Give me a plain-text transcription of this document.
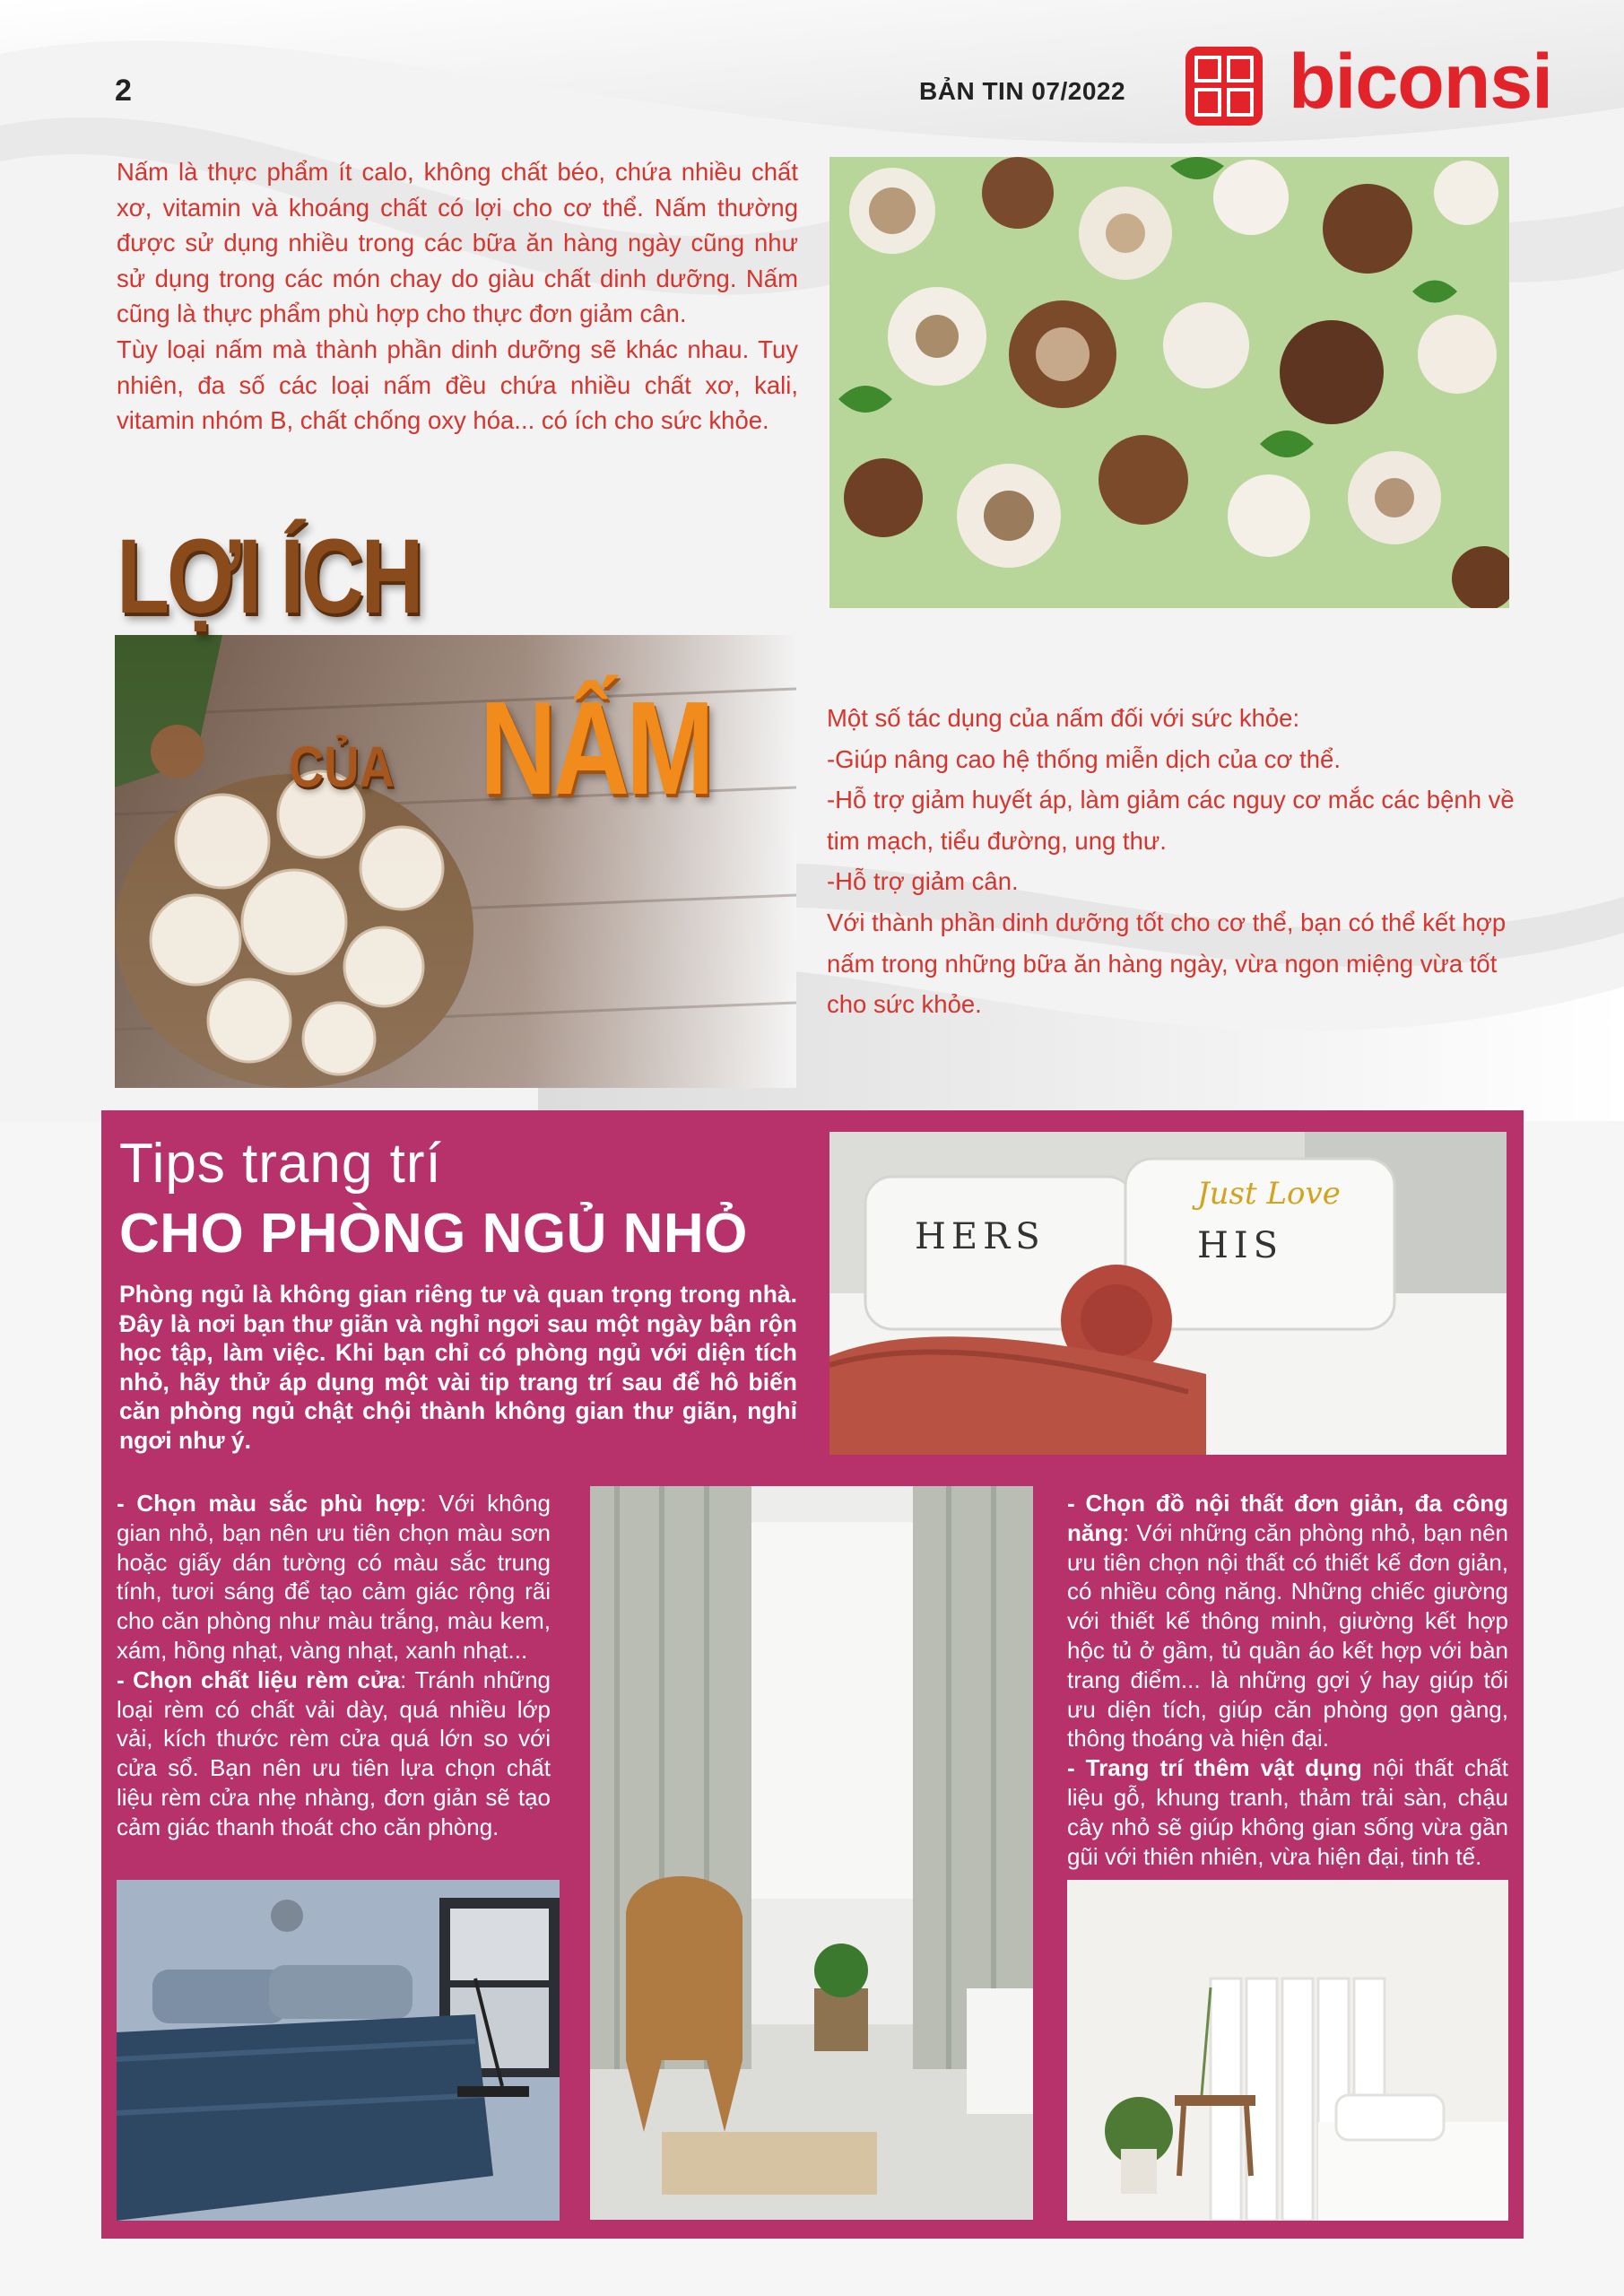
2	BẢN TIN 07/2022 biconsi

Nấm là thực phẩm ít calo, không chất béo, chứa nhiều chất xơ, vitamin và khoáng chất có lợi cho cơ thể. Nấm thường được sử dụng nhiều trong các bữa ăn hàng ngày cũng như sử dụng trong các món chay do giàu chất dinh dưỡng. Nấm cũng là thực phẩm phù hợp cho thực đơn giảm cân.

Tùy loại nấm mà thành phần dinh dưỡng sẽ khác nhau. Tuy nhiên, đa số các loại nấm đều chứa nhiều chất xơ, kali, vitamin nhóm B, chất chống oxy hóa... có ích cho sức khỏe.

LỢI ÍCH
CỦA NẤM	Một số tác dụng của nấm đối với sức khỏe:

-Giúp nâng cao hệ thống miễn dịch của cơ thể.

-Hỗ trợ giảm huyết áp, làm giảm các nguy cơ mắc các bệnh về tim mạch, tiểu đường, ung thư.

-Hỗ trợ giảm cân.

Với thành phần dinh dưỡng tốt cho cơ thể, bạn có thể kết hợp nấm trong những bữa ăn hàng ngày, vừa ngon miệng vừa tốt cho sức khỏe.

Tips trang trí
CHO PHÒNG NGỦ NHỎ
Phòng ngủ là không gian riêng tư và quan trọng trong nhà. Đây là nơi bạn thư giãn và nghỉ ngơi sau một ngày bận rộn học tập, làm việc. Khi bạn chỉ có phòng ngủ với diện tích nhỏ, hãy thử áp dụng một vài tip trang trí sau để hô biến căn phòng ngủ chật chội thành không gian thư giãn, nghỉ ngơi như ý.
HERS	HIS
Just Love

- Chọn màu sắc phù hợp: Với không gian nhỏ, bạn nên ưu tiên chọn màu sơn hoặc giấy dán tường có màu sắc trung tính, tươi sáng để tạo cảm giác rộng rãi cho căn phòng như màu trắng, màu kem, xám, hồng nhạt, vàng nhạt, xanh nhạt...

- Chọn chất liệu rèm cửa: Tránh những loại rèm có chất vải dày, quá nhiều lớp vải, kích thước rèm cửa quá lớn so với cửa sổ. Bạn nên ưu tiên lựa chọn chất liệu rèm cửa nhẹ nhàng, đơn giản sẽ tạo cảm giác thanh thoát cho căn phòng.

- Chọn đồ nội thất đơn giản, đa công năng: Với những căn phòng nhỏ, bạn nên ưu tiên chọn nội thất có thiết kế đơn giản, có nhiều công năng. Những chiếc giường với thiết kế thông minh, giường kết hợp hộc tủ ở gầm, tủ quần áo kết hợp với bàn trang điểm... là những gợi ý hay giúp tối ưu diện tích, giúp căn phòng gọn gàng, thông thoáng và hiện đại.

- Trang trí thêm vật dụng nội thất chất liệu gỗ, khung tranh, thảm trải sàn, chậu cây nhỏ sẽ giúp không gian sống vừa gần gũi với thiên nhiên, vừa hiện đại, tinh tế.
